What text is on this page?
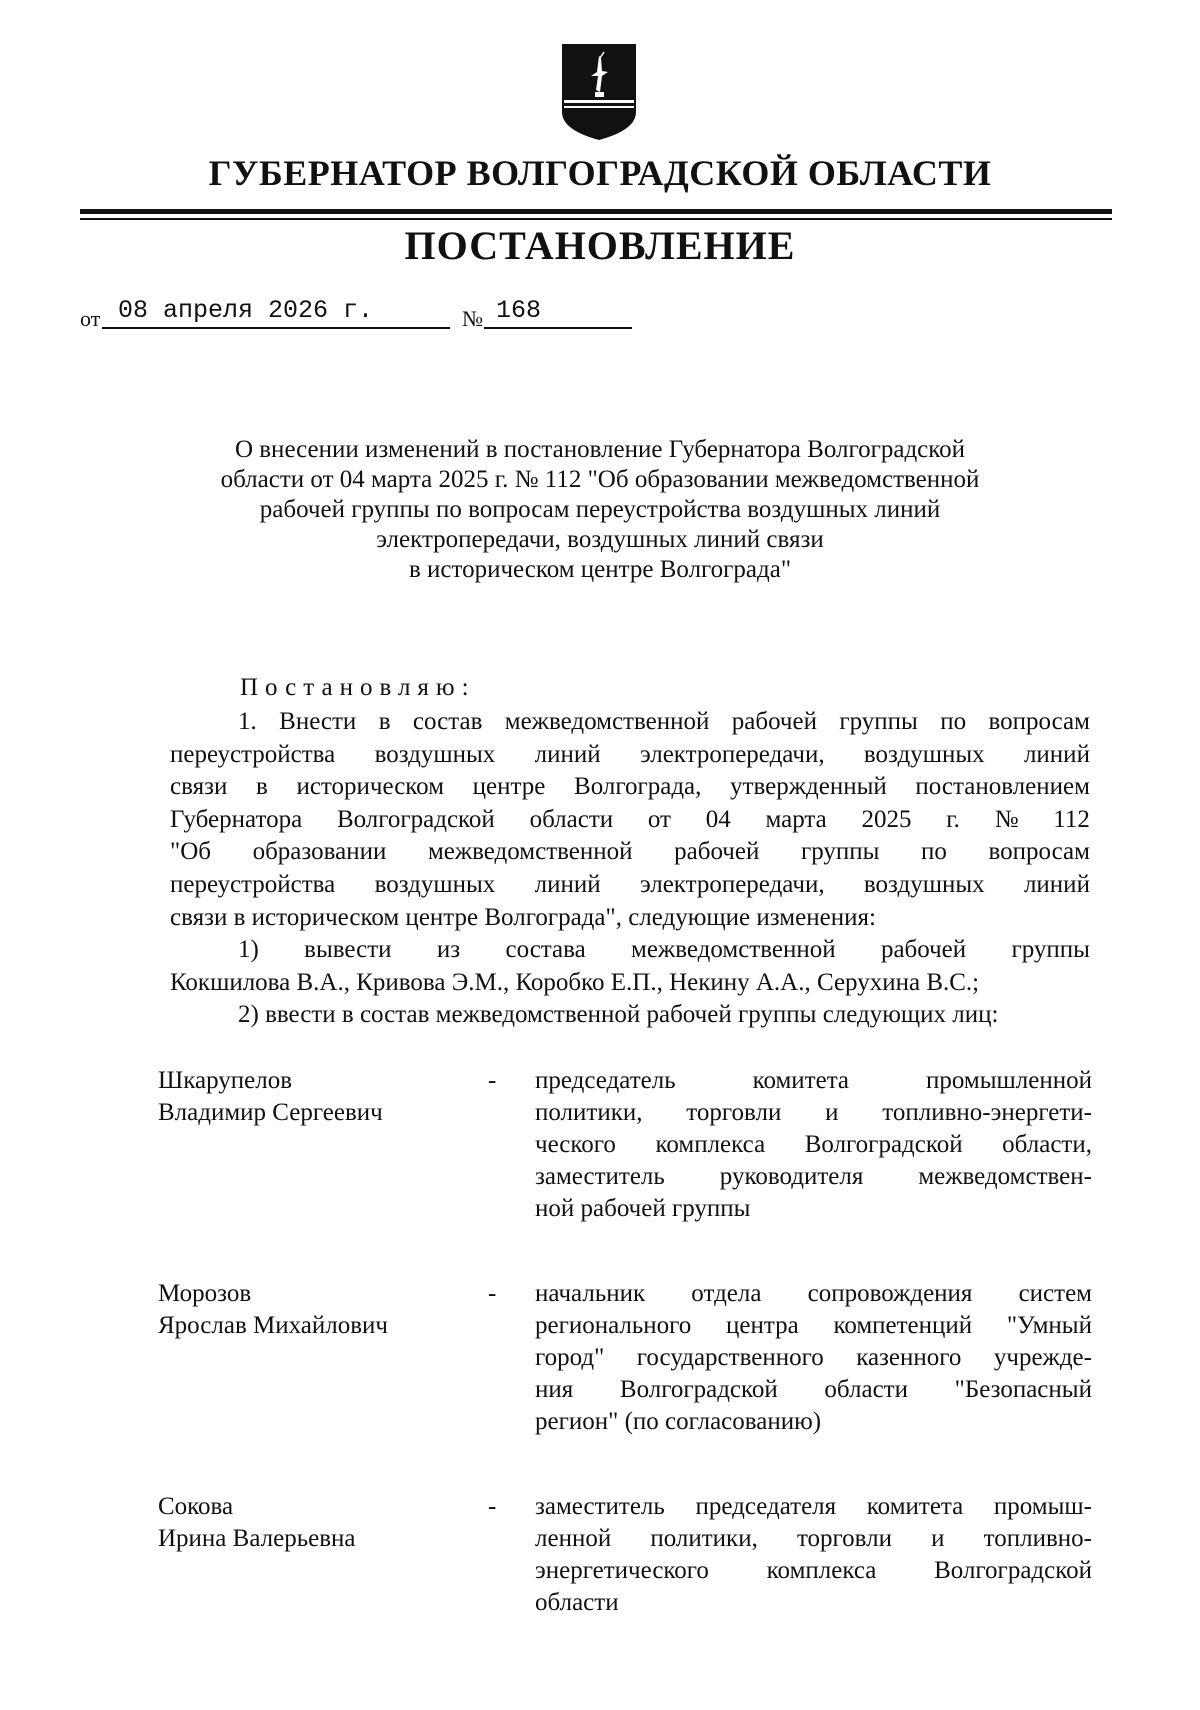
ГУБЕРНАТОР ВОЛГОГРАДСКОЙ ОБЛАСТИ
ПОСТАНОВЛЕНИЕ
от 08 апреля 2026 г.	№ 168
О внесении изменений в постановление Губернатора Волгоградской
области от 04 марта 2025 г. № 112 "Об образовании межведомственной
рабочей группы по вопросам переустройства воздушных линий
электропередачи, воздушных линий связи
в историческом центре Волгограда"
Постановляю:
1. Внести в состав межведомственной рабочей группы по вопросам
переустройства воздушных линий электропередачи, воздушных линий
связи в историческом центре Волгограда, утвержденный постановлением
Губернатора Волгоградской области от 04 марта 2025 г. № 112
"Об образовании межведомственной рабочей группы по вопросам
переустройства воздушных линий электропередачи, воздушных линий
связи в историческом центре Волгограда", следующие изменения:
1) вывести из состава межведомственной рабочей группы
Кокшилова В.А., Кривова Э.М., Коробко Е.П., Некину А.А., Серухина В.С.;
2) ввести в состав межведомственной рабочей группы следующих лиц:
Шкарупелов
Владимир Сергеевич
- председатель	комитета	промышленной
политики, торговли и топливно-энергети-
ческого комплекса Волгоградской области,
заместитель руководителя межведомствен-
ной рабочей группы
Морозов
Ярослав Михайлович
- начальник отдела сопровождения систем
регионального центра компетенций "Умный
город" государственного казенного учрежде-
ния Волгоградской области "Безопасный
регион" (по согласованию)
Сокова
Ирина Валерьевна
- заместитель председателя комитета промыш-
ленной политики, торговли и топливно-
энергетического комплекса Волгоградской
области
